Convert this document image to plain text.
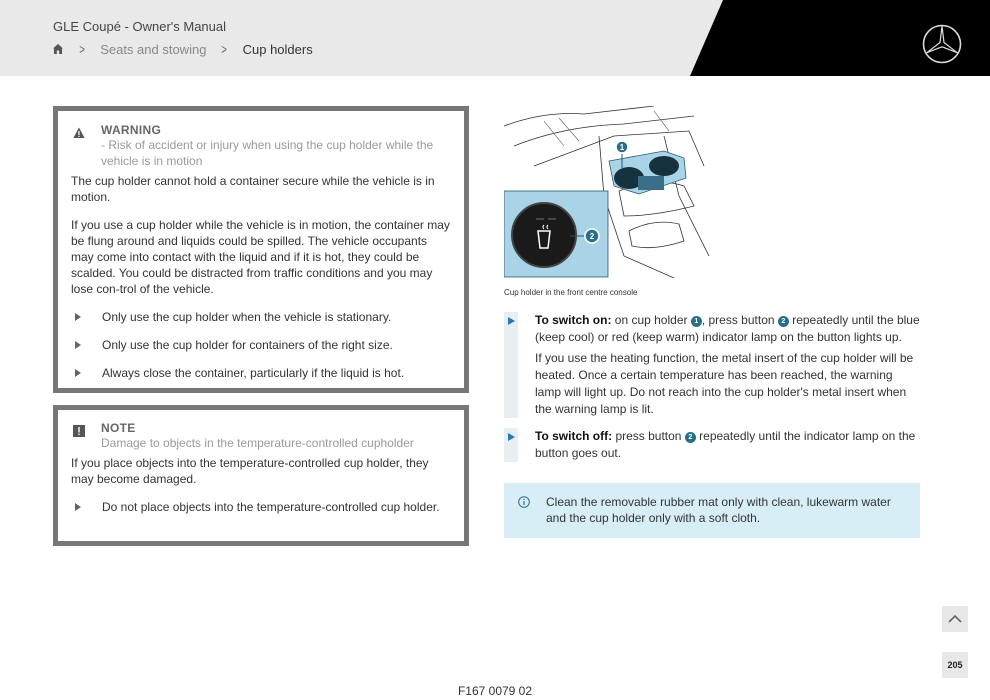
GLE Coupé - Owner's Manual
> Seats and stowing > Cup holders
WARNING
- Risk of accident or injury when using the cup holder while the vehicle is in motion

The cup holder cannot hold a container secure while the vehicle is in motion.

If you use a cup holder while the vehicle is in motion, the container may be flung around and liquids could be spilled. The vehicle occupants may come into contact with the liquid and if it is hot, they could be scalded. You could be distracted from traffic conditions and you may lose con-trol of the vehicle.

Only use the cup holder when the vehicle is stationary.
Only use the cup holder for containers of the right size.
Always close the container, particularly if the liquid is hot.
NOTE
Damage to objects in the temperature-controlled cupholder

If you place objects into the temperature-controlled cup holder, they may become damaged.

Do not place objects into the temperature-controlled cup holder.
1
2
Cup holder in the front centre console

To switch on: on cup holder 1 , press button 2 repeatedly until the blue (keep cool) or red (keep warm) indicator lamp on the button lights up.

If you use the heating function, the metal insert of the cup holder will be heated. Once a certain temperature has been reached, the warning lamp will light up. Do not reach into the cup holder's metal insert when the warning lamp is lit.

To switch off: press button 2 repeatedly until the indicator lamp on the button goes out.

Clean the removable rubber mat only with clean, lukewarm water and the cup holder only with a soft cloth.
205
F167 0079 02
